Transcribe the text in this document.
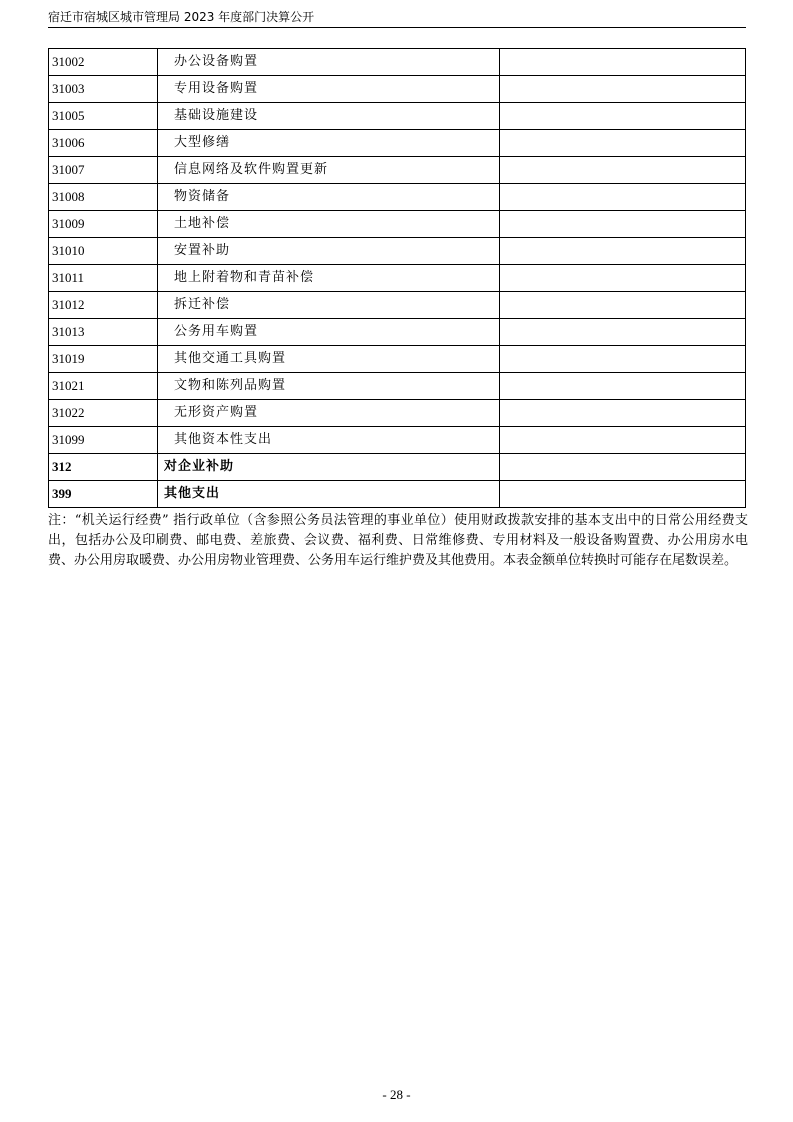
宿迁市宿城区城市管理局 2023 年度部门决算公开
31002	办公设备购置	
31003	专用设备购置	
31005	基础设施建设	
31006	大型修缮	
31007	信息网络及软件购置更新	
31008	物资储备	
31009	土地补偿	
31010	安置补助	
31011	地上附着物和青苗补偿	
31012	拆迁补偿	
31013	公务用车购置	
31019	其他交通工具购置	
31021	文物和陈列品购置	
31022	无形资产购置	
31099	其他资本性支出	
312	对企业补助	
399	其他支出	
注：“机关运行经费” 指行政单位（含参照公务员法管理的事业单位）使用财政拨款安排的基本支出中的日常公用经费支出，包括办公及印刷费、邮电费、差旅费、会议费、福利费、日常维修费、专用材料及一般设备购置费、办公用房水电费、办公用房取暖费、办公用房物业管理费、公务用车运行维护费及其他费用。本表金额单位转换时可能存在尾数误差。
- 28 -
